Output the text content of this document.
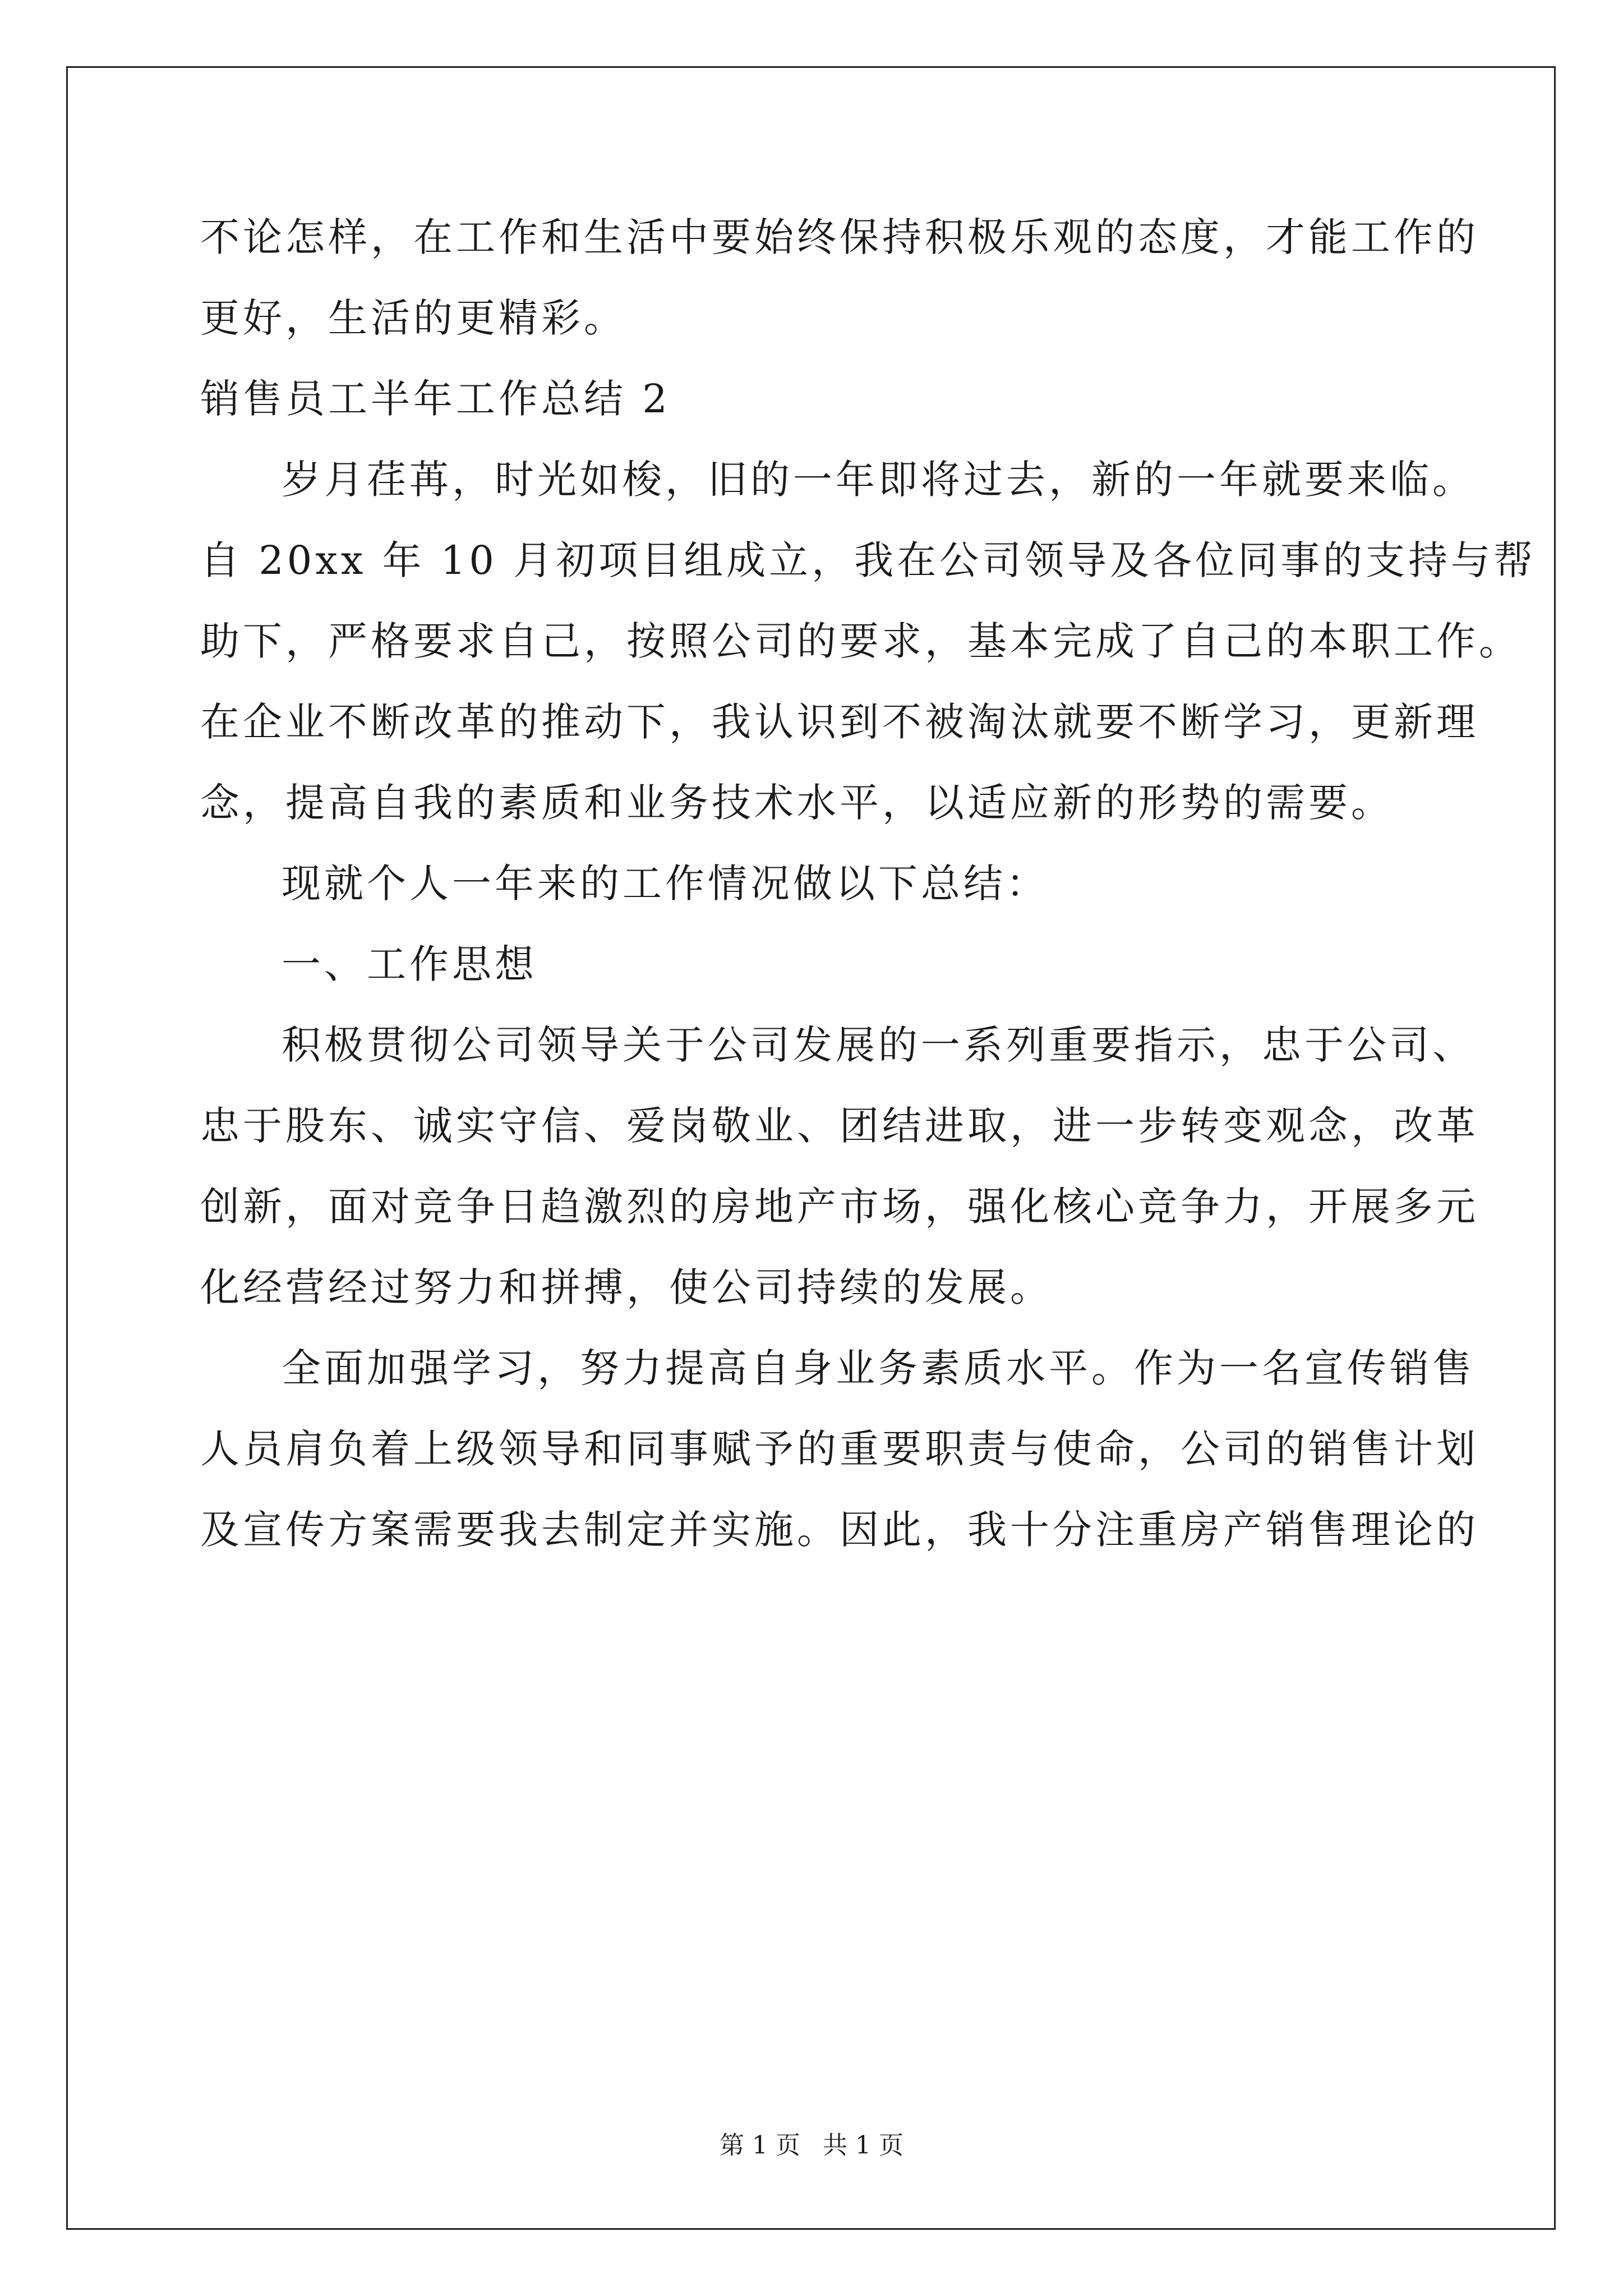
不论怎样，在工作和生活中要始终保持积极乐观的态度，才能工作的

更好，生活的更精彩。

销售员工半年工作总结 2

岁月荏苒，时光如梭，旧的一年即将过去，新的一年就要来临。

自 20xx 年 10 月初项目组成立，我在公司领导及各位同事的支持与帮

助下，严格要求自己，按照公司的要求，基本完成了自己的本职工作。

在企业不断改革的推动下，我认识到不被淘汰就要不断学习，更新理

念，提高自我的素质和业务技术水平，以适应新的形势的需要。

现就个人一年来的工作情况做以下总结：

一、工作思想

积极贯彻公司领导关于公司发展的一系列重要指示，忠于公司、

忠于股东、诚实守信、爱岗敬业、团结进取，进一步转变观念，改革

创新，面对竞争日趋激烈的房地产市场，强化核心竞争力，开展多元

化经营经过努力和拼搏，使公司持续的发展。

全面加强学习，努力提高自身业务素质水平。作为一名宣传销售

人员肩负着上级领导和同事赋予的重要职责与使命，公司的销售计划

及宣传方案需要我去制定并实施。因此，我十分注重房产销售理论的

第 1 页 共 1 页
